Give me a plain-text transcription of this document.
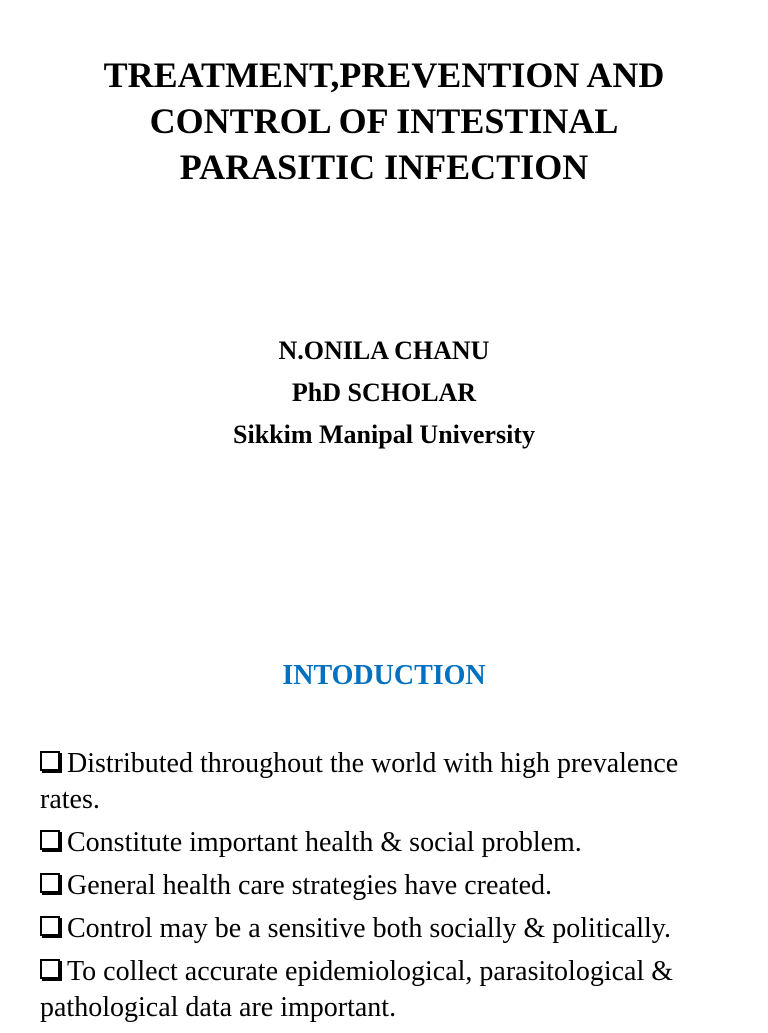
TREATMENT,PREVENTION AND
CONTROL OF INTESTINAL
PARASITIC INFECTION
N.ONILA CHANU
PhD SCHOLAR
Sikkim Manipal University
INTODUCTION
Distributed throughout the world with high prevalence rates.
Constitute important health & social problem.
General health care strategies have created.
Control may be a sensitive both socially & politically.
To collect accurate epidemiological, parasitological & pathological data are important.
